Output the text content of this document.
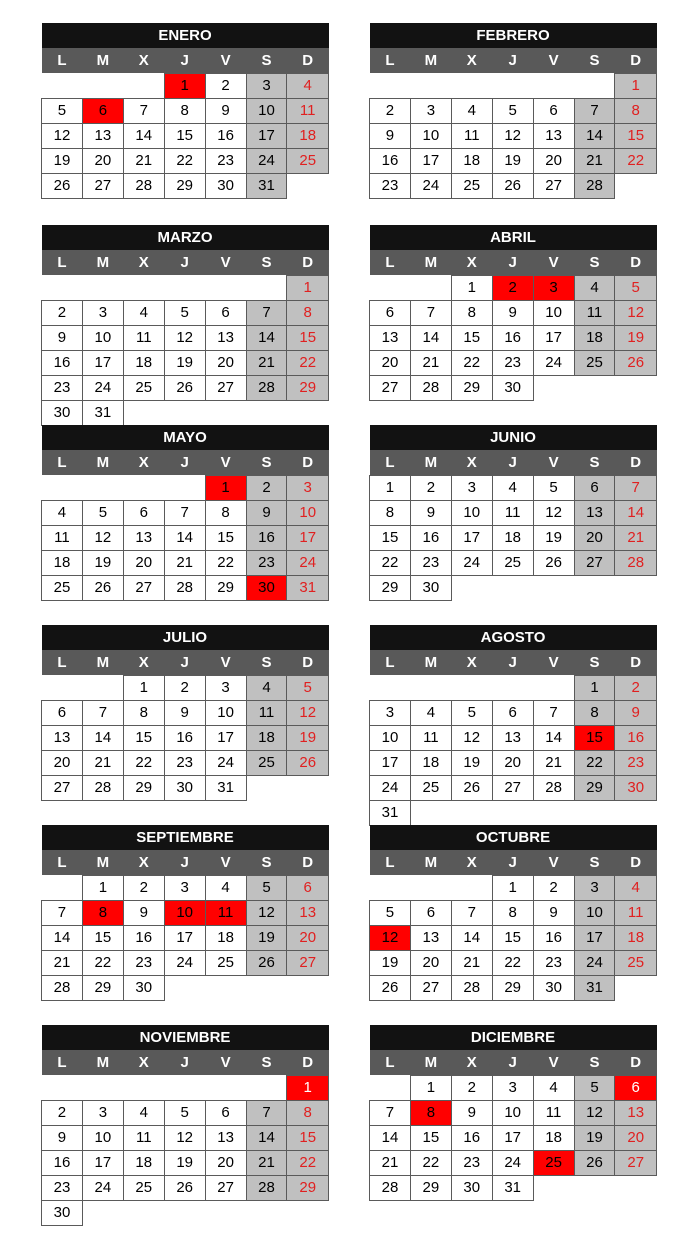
ENERO						
L	M	X	J	V	S	D
			1	2	3	4
5	6	7	8	9	10	11
12	13	14	15	16	17	18
19	20	21	22	23	24	25
26	27	28	29	30	31	
FEBRERO						
L	M	X	J	V	S	D
						1
2	3	4	5	6	7	8
9	10	11	12	13	14	15
16	17	18	19	20	21	22
23	24	25	26	27	28	
MARZO						
L	M	X	J	V	S	D
						1
2	3	4	5	6	7	8
9	10	11	12	13	14	15
16	17	18	19	20	21	22
23	24	25	26	27	28	29
30	31					
ABRIL						
L	M	X	J	V	S	D
		1	2	3	4	5
6	7	8	9	10	11	12
13	14	15	16	17	18	19
20	21	22	23	24	25	26
27	28	29	30			
MAYO						
L	M	X	J	V	S	D
				1	2	3
4	5	6	7	8	9	10
11	12	13	14	15	16	17
18	19	20	21	22	23	24
25	26	27	28	29	30	31
JUNIO						
L	M	X	J	V	S	D
1	2	3	4	5	6	7
8	9	10	11	12	13	14
15	16	17	18	19	20	21
22	23	24	25	26	27	28
29	30					
JULIO						
L	M	X	J	V	S	D
		1	2	3	4	5
6	7	8	9	10	11	12
13	14	15	16	17	18	19
20	21	22	23	24	25	26
27	28	29	30	31		
AGOSTO						
L	M	X	J	V	S	D
					1	2
3	4	5	6	7	8	9
10	11	12	13	14	15	16
17	18	19	20	21	22	23
24	25	26	27	28	29	30
31						
SEPTIEMBRE						
L	M	X	J	V	S	D
	1	2	3	4	5	6
7	8	9	10	11	12	13
14	15	16	17	18	19	20
21	22	23	24	25	26	27
28	29	30				
OCTUBRE						
L	M	X	J	V	S	D
			1	2	3	4
5	6	7	8	9	10	11
12	13	14	15	16	17	18
19	20	21	22	23	24	25
26	27	28	29	30	31	
NOVIEMBRE						
L	M	X	J	V	S	D
						1
2	3	4	5	6	7	8
9	10	11	12	13	14	15
16	17	18	19	20	21	22
23	24	25	26	27	28	29
30						
DICIEMBRE						
L	M	X	J	V	S	D
	1	2	3	4	5	6
7	8	9	10	11	12	13
14	15	16	17	18	19	20
21	22	23	24	25	26	27
28	29	30	31			
